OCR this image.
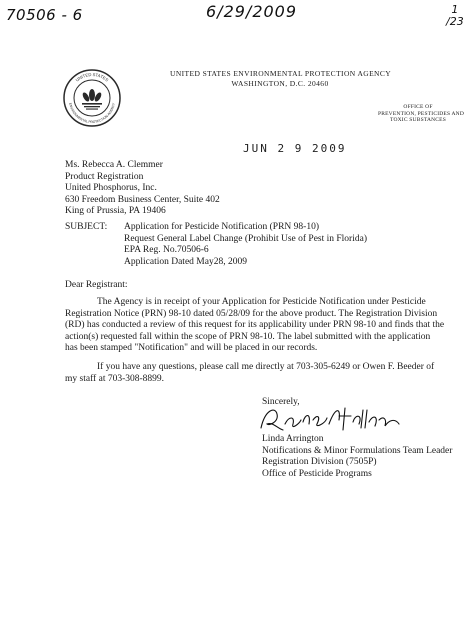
70506 - 6	6/29/2009	1
/23
UNITED STATES
ENVIRONMENTAL PROTECTION AGENCY
UNITED STATES ENVIRONMENTAL PROTECTION AGENCY
WASHINGTON, D.C. 20460
OFFICE OF
PREVENTION, PESTICIDES AND
TOXIC SUBSTANCES
JUN 2 9 2009
Ms. Rebecca A. Clemmer
Product Registration
United Phosphorus, Inc.
630 Freedom Business Center, Suite 402
King of Prussia, PA 19406
SUBJECT: Application for Pesticide Notification (PRN 98-10)
Request General Label Change (Prohibit Use of Pest in Florida)
EPA Reg. No.70506-6
Application Dated May28, 2009
Dear Registrant:
The Agency is in receipt of your Application for Pesticide Notification under Pesticide Registration Notice (PRN) 98-10 dated 05/28/09 for the above product. The Registration Division (RD) has conducted a review of this request for its applicability under PRN 98-10 and finds that the action(s) requested fall within the scope of PRN 98-10. The label submitted with the application has been stamped "Notification" and will be placed in our records.
If you have any questions, please call me directly at 703-305-6249 or Owen F. Beeder of my staff at 703-308-8899.
Sincerely,
Linda Arrington
Notifications & Minor Formulations Team Leader
Registration Division (7505P)
Office of Pesticide Programs
